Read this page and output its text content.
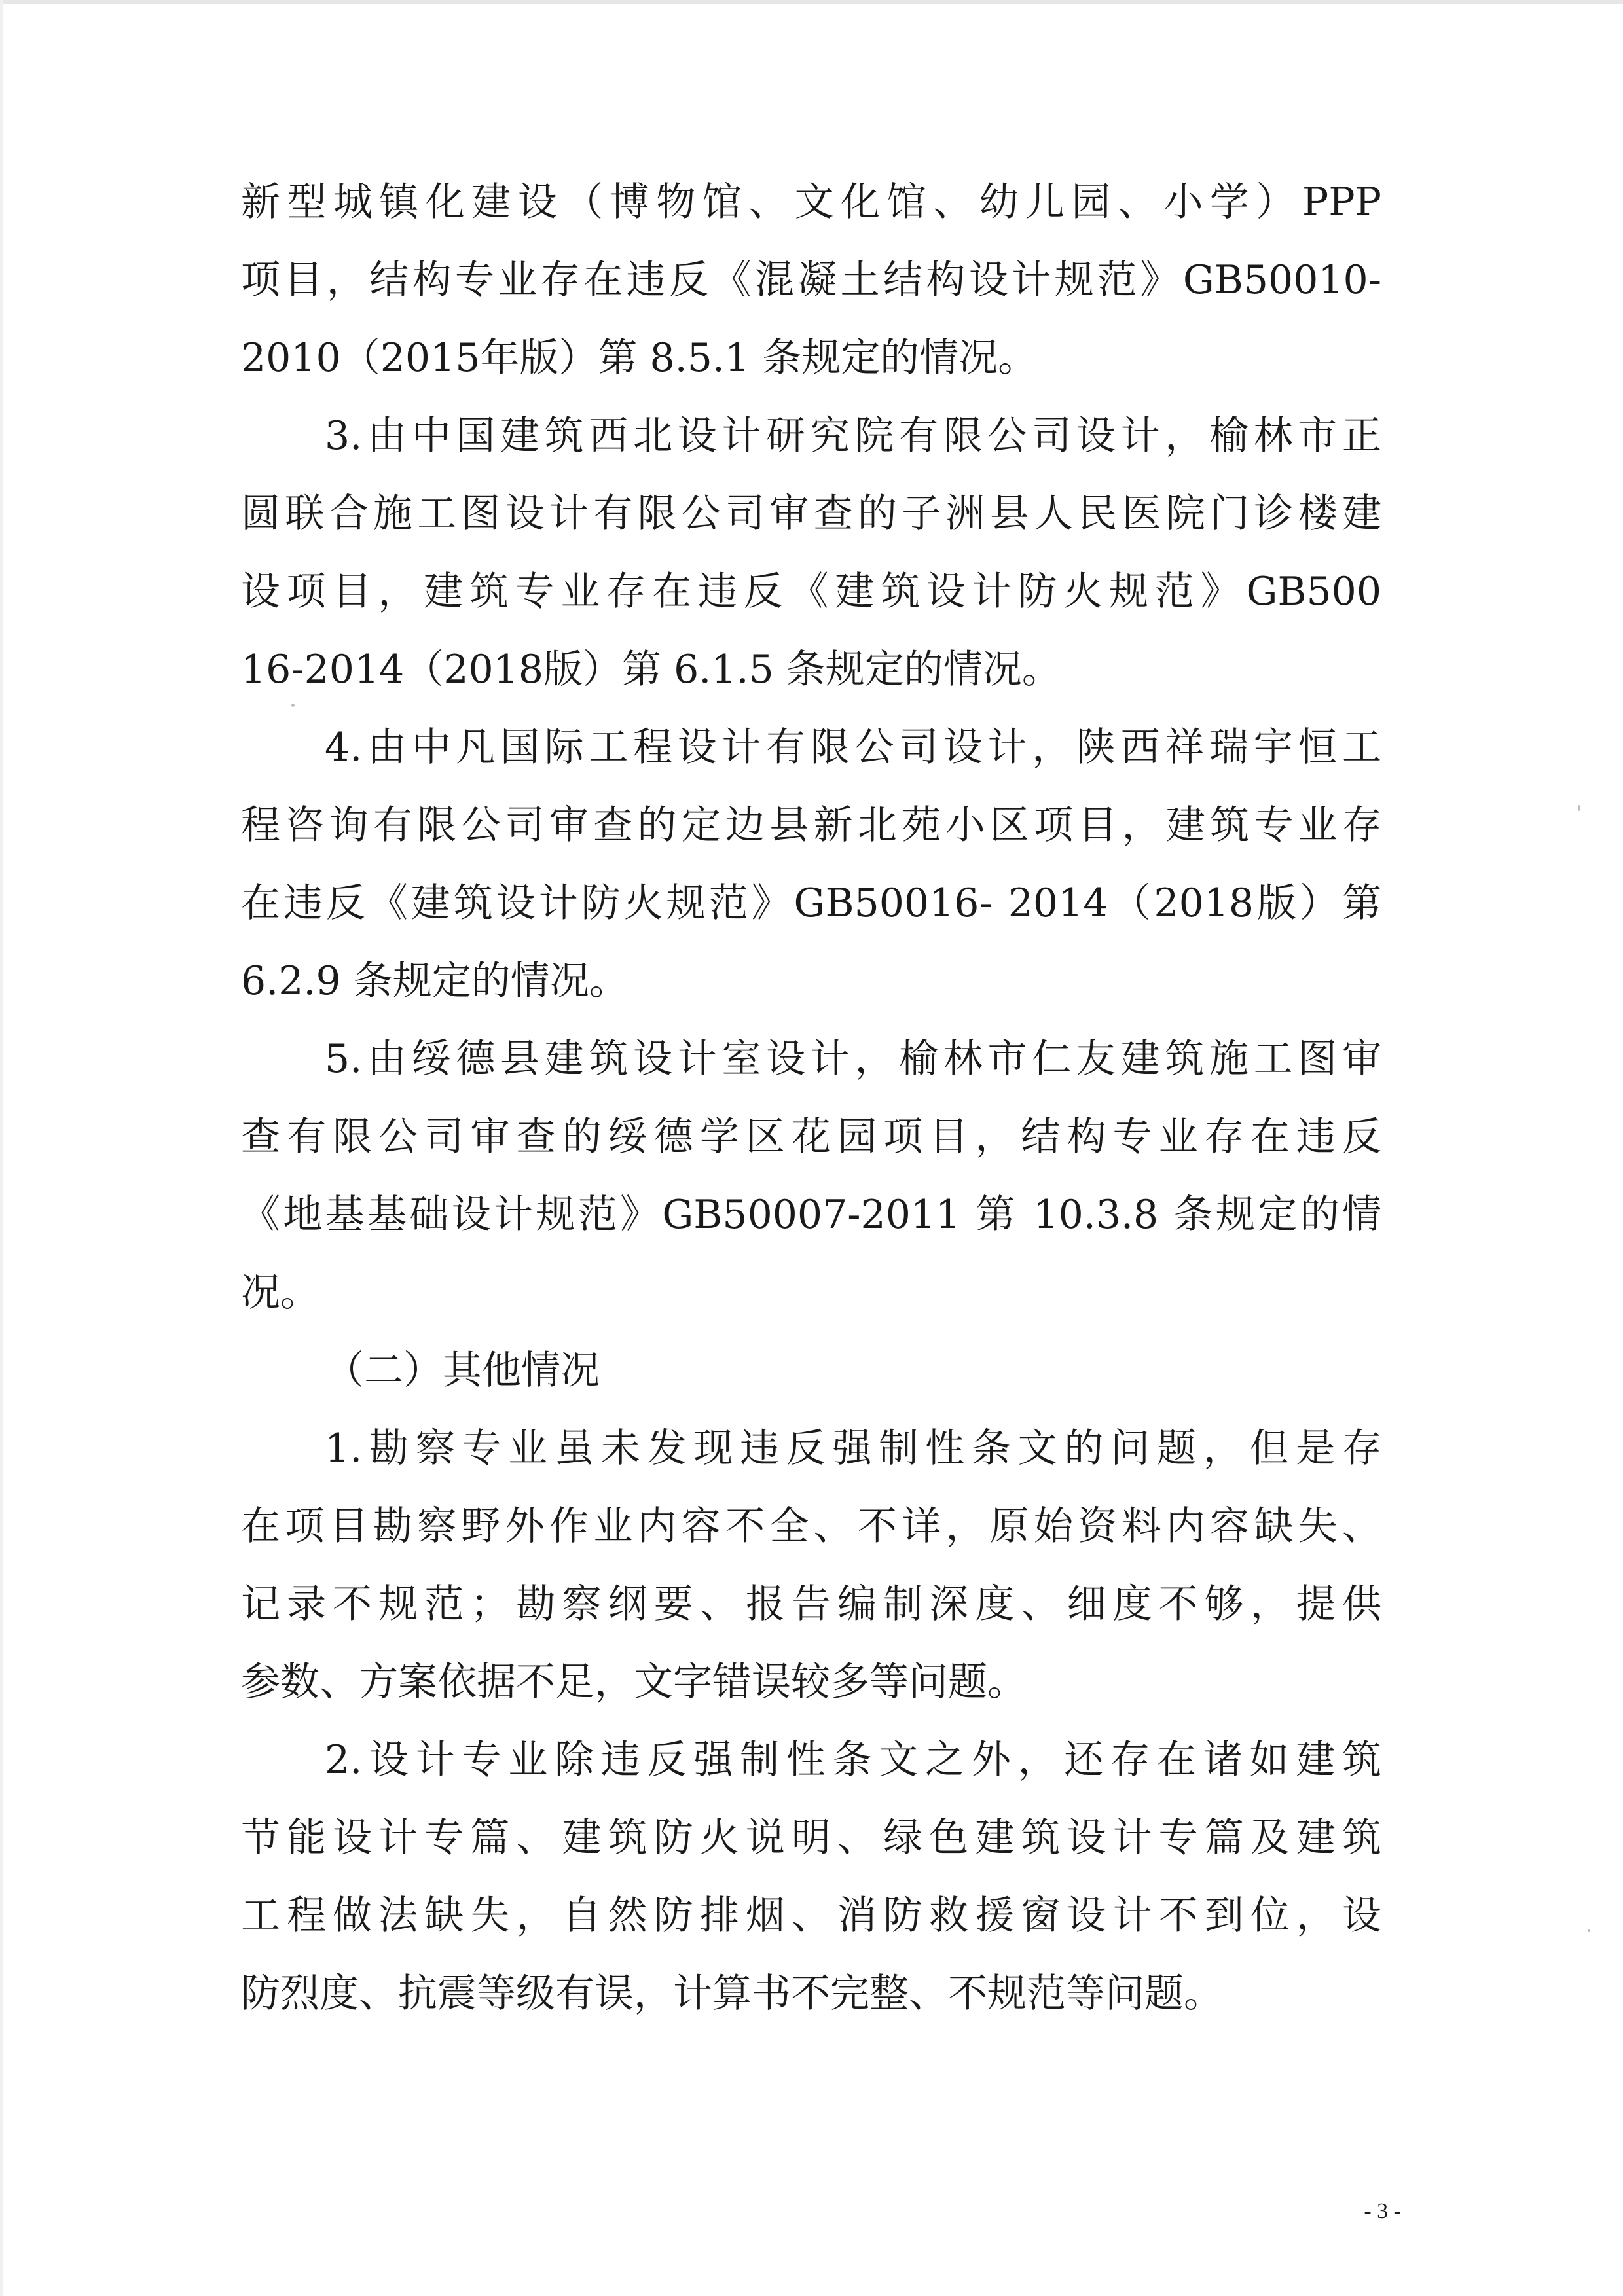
新型城镇化建设（博物馆、文化馆、幼儿园、小学）PPP
项目，结构专业存在违反《混凝土结构设计规范》GB50010-
2010（2015年版）第 8.5.1 条规定的情况。
3.由中国建筑西北设计研究院有限公司设计，榆林市正
圆联合施工图设计有限公司审查的子洲县人民医院门诊楼建
设项目，建筑专业存在违反《建筑设计防火规范》GB500
16-2014（2018版）第 6.1.5 条规定的情况。
4.由中凡国际工程设计有限公司设计，陕西祥瑞宇恒工
程咨询有限公司审查的定边县新北苑小区项目，建筑专业存
在违反《建筑设计防火规范》GB50016- 2014（2018版）第
6.2.9 条规定的情况。
5.由绥德县建筑设计室设计，榆林市仁友建筑施工图审
查有限公司审查的绥德学区花园项目，结构专业存在违反
《地基基础设计规范》GB50007-2011 第 10.3.8 条规定的情
况。
（二）其他情况
1.勘察专业虽未发现违反强制性条文的问题，但是存
在项目勘察野外作业内容不全、不详，原始资料内容缺失、
记录不规范；勘察纲要、报告编制深度、细度不够，提供
参数、方案依据不足，文字错误较多等问题。
2.设计专业除违反强制性条文之外，还存在诸如建筑
节能设计专篇、建筑防火说明、绿色建筑设计专篇及建筑
工程做法缺失，自然防排烟、消防救援窗设计不到位，设
防烈度、抗震等级有误，计算书不完整、不规范等问题。
- 3 -
